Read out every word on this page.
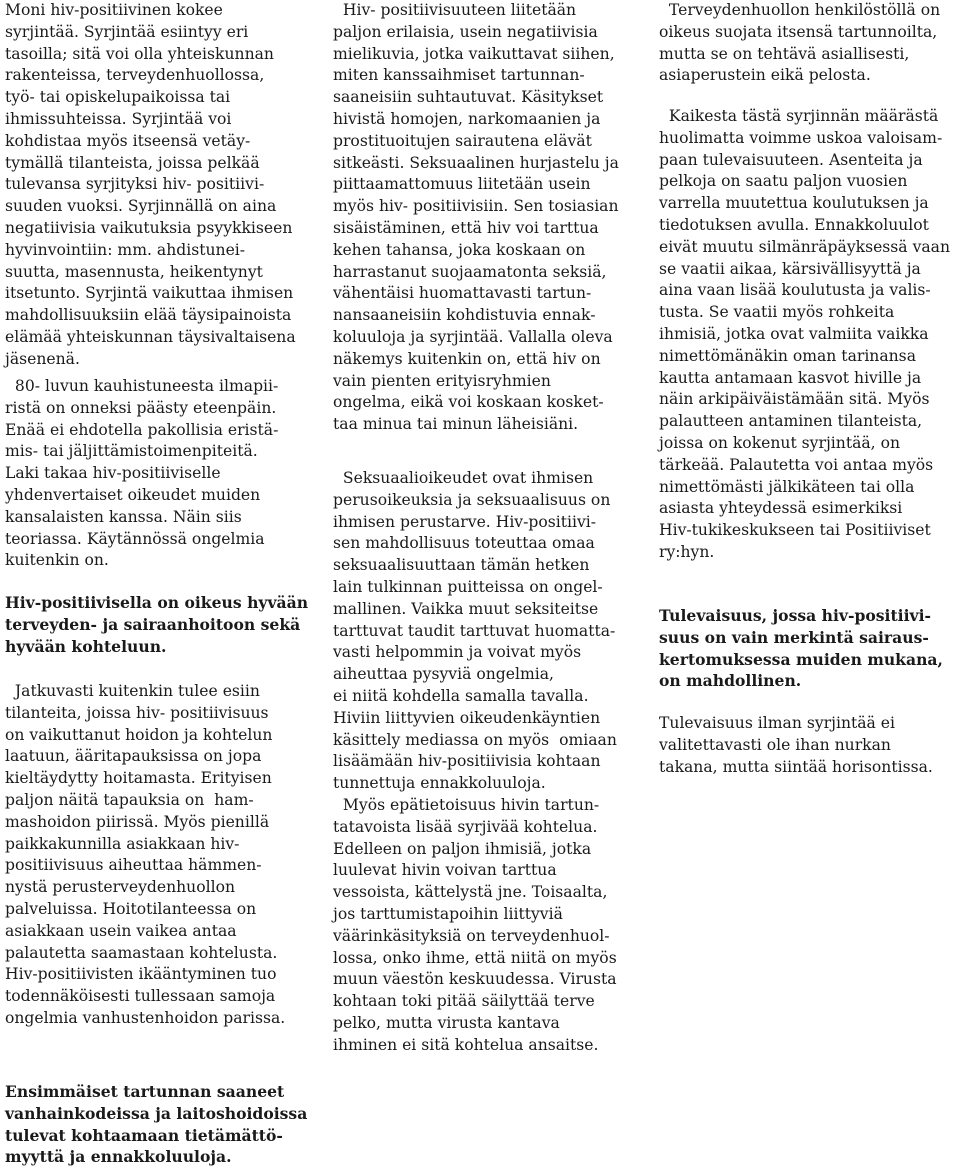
Moni hiv-positiivinen kokee
syrjintää. Syrjintää esiintyy eri
tasoilla; sitä voi olla yhteiskunnan
rakenteissa, terveydenhuollossa,
työ- tai opiskelupaikoissa tai
ihmissuhteissa. Syrjintää voi
kohdistaa myös itseensä vetäy-
tymällä tilanteista, joissa pelkää
tulevansa syrjityksi hiv- positiivi-
suuden vuoksi. Syrjinnällä on aina
negatiivisia vaikutuksia psyykkiseen
hyvinvointiin: mm. ahdistunei-
suutta, masennusta, heikentynyt
itsetunto. Syrjintä vaikuttaa ihmisen
mahdollisuuksiin elää täysipainoista
elämää yhteiskunnan täysivaltaisena
jäsenenä.
80- luvun kauhistuneesta ilmapii-
ristä on onneksi päästy eteenpäin.
Enää ei ehdotella pakollisia eristä-
mis- tai jäljittämistoimenpiteitä.
Laki takaa hiv-positiiviselle
yhdenvertaiset oikeudet muiden
kansalaisten kanssa. Näin siis
teoriassa. Käytännössä ongelmia
kuitenkin on.
Hiv-positiivisella on oikeus hyvään
terveyden- ja sairaanhoitoon sekä
hyvään kohteluun.
Jatkuvasti kuitenkin tulee esiin
tilanteita, joissa hiv- positiivisuus
on vaikuttanut hoidon ja kohtelun
laatuun, ääritapauksissa on jopa
kieltäydytty hoitamasta. Erityisen
paljon näitä tapauksia on  ham-
mashoidon piirissä. Myös pienillä
paikkakunnilla asiakkaan hiv-
positiivisuus aiheuttaa hämmen-
nystä perusterveydenhuollon
palveluissa. Hoitotilanteessa on
asiakkaan usein vaikea antaa
palautetta saamastaan kohtelusta.
Hiv-positiivisten ikääntyminen tuo
todennäköisesti tullessaan samoja
ongelmia vanhustenhoidon parissa.
Ensimmäiset tartunnan saaneet
vanhainkodeissa ja laitoshoidoissa
tulevat kohtaamaan tietämättö-
myyttä ja ennakkoluuloja.
Hiv- positiivisuuteen liitetään
paljon erilaisia, usein negatiivisia
mielikuvia, jotka vaikuttavat siihen,
miten kanssaihmiset tartunnan-
saaneisiin suhtautuvat. Käsitykset
hivistä homojen, narkomaanien ja
prostituoitujen sairautena elävät
sitkeästi. Seksuaalinen hurjastelu ja
piittaamattomuus liitetään usein
myös hiv- positiivisiin. Sen tosiasian
sisäistäminen, että hiv voi tarttua
kehen tahansa, joka koskaan on
harrastanut suojaamatonta seksiä,
vähentäisi huomattavasti tartun-
nansaaneisiin kohdistuvia ennak-
koluuloja ja syrjintää. Vallalla oleva
näkemys kuitenkin on, että hiv on
vain pienten erityisryhmien
ongelma, eikä voi koskaan kosket-
taa minua tai minun läheisiäni.
Seksuaalioikeudet ovat ihmisen
perusoikeuksia ja seksuaalisuus on
ihmisen perustarve. Hiv-positiivi-
sen mahdollisuus toteuttaa omaa
seksuaalisuuttaan tämän hetken
lain tulkinnan puitteissa on ongel-
mallinen. Vaikka muut seksiteitse
tarttuvat taudit tarttuvat huomatta-
vasti helpommin ja voivat myös
aiheuttaa pysyviä ongelmia,
ei niitä kohdella samalla tavalla.
Hiviin liittyvien oikeudenkäyntien
käsittely mediassa on myös  omiaan
lisäämään hiv-positiivisia kohtaan
tunnettuja ennakkoluuloja.
Myös epätietoisuus hivin tartun-
tatavoista lisää syrjivää kohtelua.
Edelleen on paljon ihmisiä, jotka
luulevat hivin voivan tarttua
vessoista, kättelystä jne. Toisaalta,
jos tarttumistapoihin liittyviä
väärinkäsityksiä on terveydenhuol-
lossa, onko ihme, että niitä on myös
muun väestön keskuudessa. Virusta
kohtaan toki pitää säilyttää terve
pelko, mutta virusta kantava
ihminen ei sitä kohtelua ansaitse.
Terveydenhuollon henkilöstöllä on
oikeus suojata itsensä tartunnoilta,
mutta se on tehtävä asiallisesti,
asiaperustein eikä pelosta.
Kaikesta tästä syrjinnän määrästä
huolimatta voimme uskoa valoisam-
paan tulevaisuuteen. Asenteita ja
pelkoja on saatu paljon vuosien
varrella muutettua koulutuksen ja
tiedotuksen avulla. Ennakkoluulot
eivät muutu silmänräpäyksessä vaan
se vaatii aikaa, kärsivällisyyttä ja
aina vaan lisää koulutusta ja valis-
tusta. Se vaatii myös rohkeita
ihmisiä, jotka ovat valmiita vaikka
nimettömänäkin oman tarinansa
kautta antamaan kasvot hiville ja
näin arkipäiväistämään sitä. Myös
palautteen antaminen tilanteista,
joissa on kokenut syrjintää, on
tärkeää. Palautetta voi antaa myös
nimettömästi jälkikäteen tai olla
asiasta yhteydessä esimerkiksi
Hiv-tukikeskukseen tai Positiiviset
ry:hyn.
Tulevaisuus, jossa hiv-positiivi-
suus on vain merkintä sairaus-
kertomuksessa muiden mukana,
on mahdollinen.
Tulevaisuus ilman syrjintää ei
valitettavasti ole ihan nurkan
takana, mutta siintää horisontissa.
